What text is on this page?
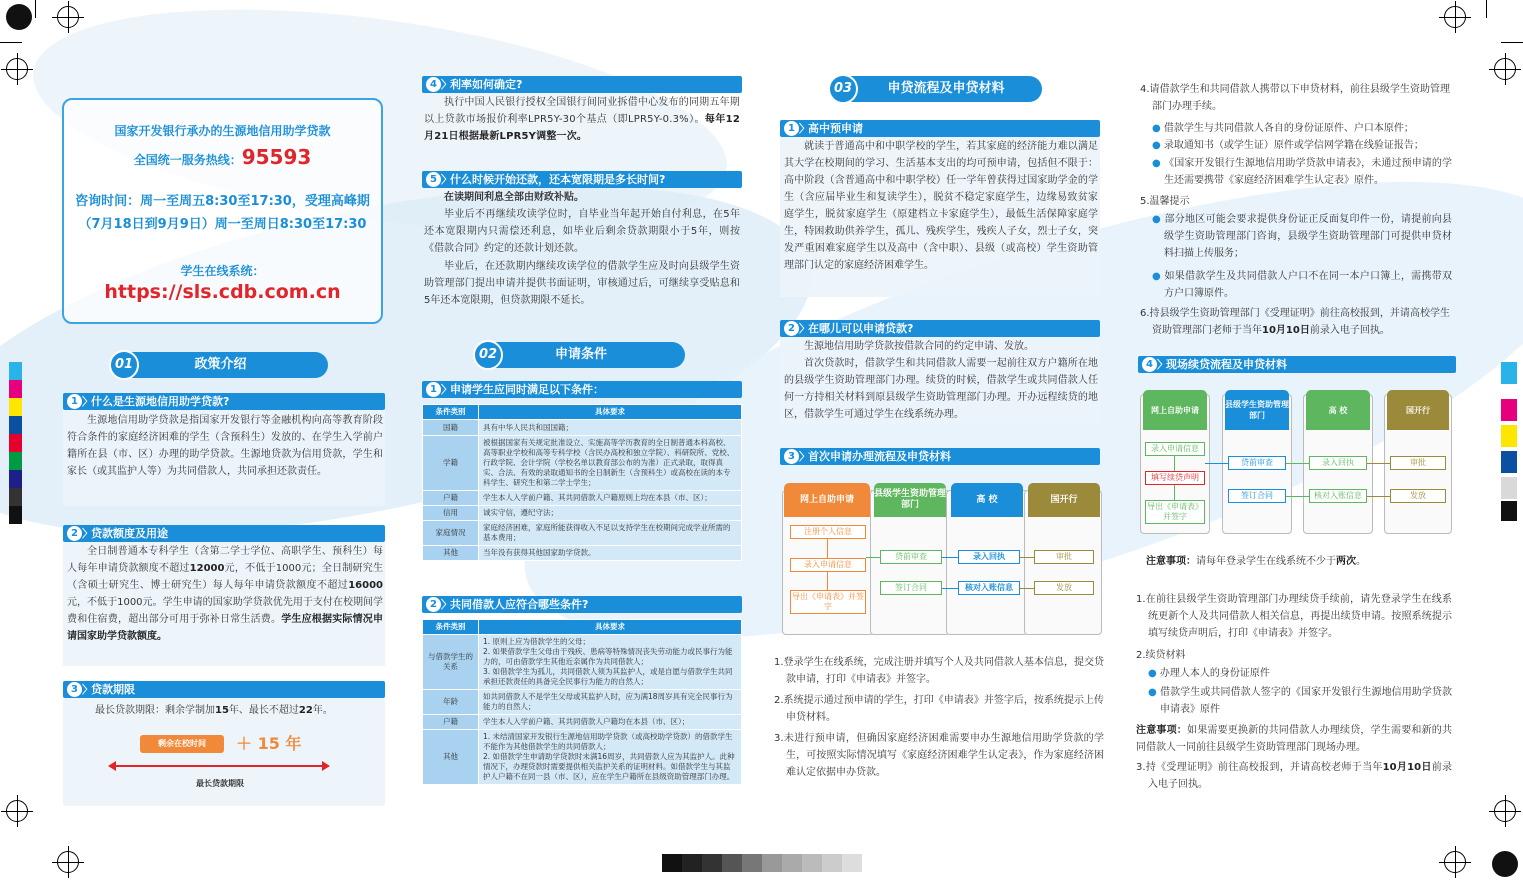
国家开发银行承办的生源地信用助学贷款
全国统一服务热线：95593
咨询时间：周一至周五8:30至17:30，受理高峰期
（7月18日到9月9日）周一至周日8:30至17:30
学生在线系统：
https://sls.cdb.com.cn
01	政策介绍
1 〉
什么是生源地信用助学贷款?
生源地信用助学贷款是指国家开发银行等金融机构向高等教育阶段符合条件的家庭经济困难的学生（含预科生）发放的、在学生入学前户籍所在县（市、区）办理的助学贷款。生源地贷款为信用贷款，学生和家长（或其监护人等）为共同借款人，共同承担还款责任。
2 〉
贷款额度及用途
全日制普通本专科学生（含第二学士学位、高职学生、预科生）每人每年申请贷款额度不超过12000元，不低于1000元；全日制研究生（含硕士研究生、博士研究生）每人每年申请贷款额度不超过16000元，不低于1000元。学生申请的国家助学贷款优先用于支付在校期间学费和住宿费，超出部分可用于弥补日常生活费。学生应根据实际情况申请国家助学贷款额度。
3 〉
贷款期限
最长贷款期限：剩余学制加15年、最长不超过22年。
剩余在校时间	＋ 15 年
最长贷款期限
4 〉
利率如何确定?
执行中国人民银行授权全国银行间同业拆借中心发布的同期五年期以上贷款市场报价利率LPR5Y-30个基点（即LPR5Y-0.3%）。每年12月21日根据最新LPR5Y调整一次。
5 〉
什么时候开始还款，还本宽限期是多长时间?
在读期间利息全部由财政补贴。
毕业后不再继续攻读学位时，自毕业当年起开始自付利息，在5年还本宽限期内只需偿还利息，如毕业后剩余贷款期限小于5年，则按《借款合同》约定的还款计划还款。
毕业后，在还款期内继续攻读学位的借款学生应及时向县级学生资助管理部门提出申请并提供书面证明，审核通过后，可继续享受贴息和5年还本宽限期，但贷款期限不延长。
02	申请条件
1 〉
申请学生应同时满足以下条件：
条件类别	具体要求
国籍	具有中华人民共和国国籍；
学籍	被根据国家有关规定批准设立、实施高等学历教育的全日制普通本科高校、高等职业学校和高等专科学校（含民办高校和独立学院）、科研院所、党校、行政学院、会计学院（学校名单以教育部公布的为准）正式录取，取得真实、合法、有效的录取通知书的全日制新生（含预科生）或高校在读的本专科学生、研究生和第二学士学生；
户籍	学生本人入学前户籍、其共同借款人户籍原则上均在本县（市、区）；
信用	诚实守信，遵纪守法；
家庭情况	家庭经济困难，家庭所能获得收入不足以支持学生在校期间完成学业所需的基本费用；
其他	当年没有获得其他国家助学贷款。
2 〉
共同借款人应符合哪些条件?
条件类别	具体要求
与借款学生的关系	1. 原则上应为借款学生的父母；
2. 如果借款学生父母由于残疾、患病等特殊情况丧失劳动能力或民事行为能力的，可由借款学生其他近亲属作为共同借款人；
3. 如借款学生为孤儿，共同借款人须为其监护人，或是自愿与借款学生共同承担还款责任的具备完全民事行为能力的自然人；
年龄	如共同借款人不是学生父母或其监护人时，应为满18周岁具有完全民事行为能力的自然人；
户籍	学生本人入学前户籍、其共同借款人户籍均在本县（市、区）；
其他	1. 未结清国家开发银行生源地信用助学贷款（或高校助学贷款）的借款学生不能作为其他借款学生的共同借款人；
2. 如借款学生申请助学贷款时未满16周岁，共同借款人应为其监护人。此种情况下，办理贷款时需要提供相关监护关系的证明材料。如借款学生与其监护人户籍不在同一县（市、区），应在学生户籍所在县级资助管理部门办理。
03	申贷流程及申贷材料
1 〉
高中预申请
就读于普通高中和中职学校的学生，若其家庭的经济能力难以满足其大学在校期间的学习、生活基本支出的均可预申请，包括但不限于：高中阶段（含普通高中和中职学校）任一学年曾获得过国家助学金的学生（含应届毕业生和复读学生），脱贫不稳定家庭学生，边缘易致贫家庭学生，脱贫家庭学生（原建档立卡家庭学生），最低生活保障家庭学生，特困救助供养学生，孤儿、残疾学生，残疾人子女，烈士子女，突发严重困难家庭学生以及高中（含中职）、县级（或高校）学生资助管理部门认定的家庭经济困难学生。
2 〉
在哪儿可以申请贷款?
生源地信用助学贷款按借款合同的约定申请、发放。
首次贷款时，借款学生和共同借款人需要一起前往双方户籍所在地的县级学生资助管理部门办理。续贷的时候，借款学生或共同借款人任何一方持相关材料到原县级学生资助管理部门办理。开办远程续贷的地区，借款学生可通过学生在线系统办理。
3 〉
首次申请办理流程及申贷材料
网上自助申请
县级学生资助管理部门
高 校	国开行
注册个人信息
录入申请信息
导出《申请表》并签字
贷前审查
签订合同
录入回执
核对入账信息
审批
发放
1.登录学生在线系统，完成注册并填写个人及共同借款人基本信息，提交贷款申请，打印《申请表》并签字。
2.系统提示通过预申请的学生，打印《申请表》并签字后，按系统提示上传申贷材料。
3.未进行预申请，但确因家庭经济困难需要申办生源地信用助学贷款的学生，可按照实际情况填写《家庭经济困难学生认定表》，作为家庭经济困难认定依据申办贷款。
4.请借款学生和共同借款人携带以下申贷材料，前往县级学生资助管理部门办理手续。
● 借款学生与共同借款人各自的身份证原件、户口本原件；
● 录取通知书（或学生证）原件或学信网学籍在线验证报告；
● 《国家开发银行生源地信用助学贷款申请表》，未通过预申请的学生还需要携带《家庭经济困难学生认定表》原件。
5.温馨提示
● 部分地区可能会要求提供身份证正反面复印件一份，请提前向县级学生资助管理部门咨询，县级学生资助管理部门可提供申贷材料扫描上传服务；
● 如果借款学生及共同借款人户口不在同一本户口簿上，需携带双方户口簿原件。
6.持县级学生资助管理部门《受理证明》前往高校报到，并请高校学生资助管理部门老师于当年10月10日前录入电子回执。
4 〉
现场续贷流程及申贷材料
网上自助申请
县级学生资助管理部门
高 校	国开行
录入申请信息
填写续贷声明
导出《申请表》并签字
贷前审查
签订合同
录入回执
核对入账信息
审批
发放
注意事项：请每年登录学生在线系统不少于两次。
1.在前往县级学生资助管理部门办理续贷手续前，请先登录学生在线系统更新个人及共同借款人相关信息，再提出续贷申请。按照系统提示填写续贷声明后，打印《申请表》并签字。
2.续贷材料
● 办理人本人的身份证原件
● 借款学生或共同借款人签字的《国家开发银行生源地信用助学贷款申请表》原件
注意事项：如果需要更换新的共同借款人办理续贷，学生需要和新的共同借款人一同前往县级学生资助管理部门现场办理。
3.持《受理证明》前往高校报到，并请高校老师于当年10月10日前录入电子回执。
